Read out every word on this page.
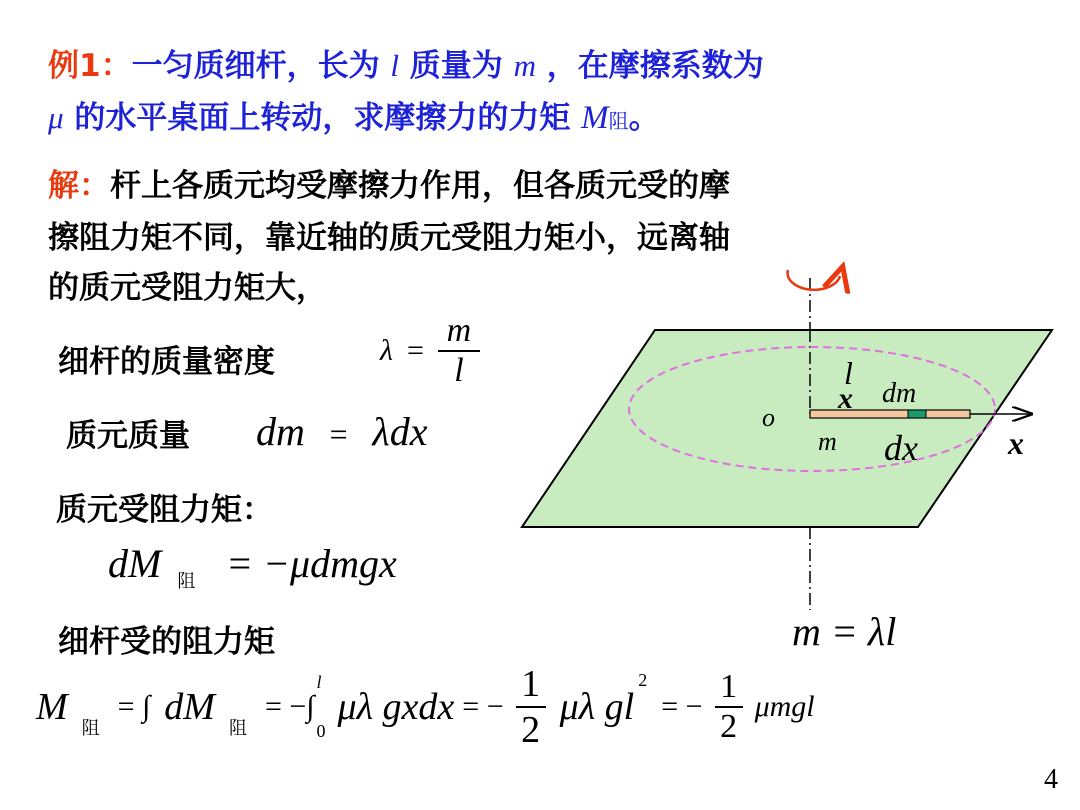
例1：一匀质细杆，长为 l 质量为 m ，在摩擦系数为
μ 的水平桌面上转动，求摩擦力的力矩 M阻。
解：杆上各质元均受摩擦力作用，但各质元受的摩
擦阻力矩不同，靠近轴的质元受阻力矩小，远离轴
的质元受阻力矩大，
细杆的质量密度	$\lambda = \frac{m}{l}$
质元质量 dm = λdx
质元受阻力矩：
dM $_阻$ = −μdmgx
细杆受的阻力矩	m = λl
M
阻
= ∫ dM
阻
= −∫
l
0
μλ gxdx = − $\frac{1}{2}$ μλ gl
2
= − $\frac{1}{2}$ μmgl
4
o
l
x dm
m dx	x
